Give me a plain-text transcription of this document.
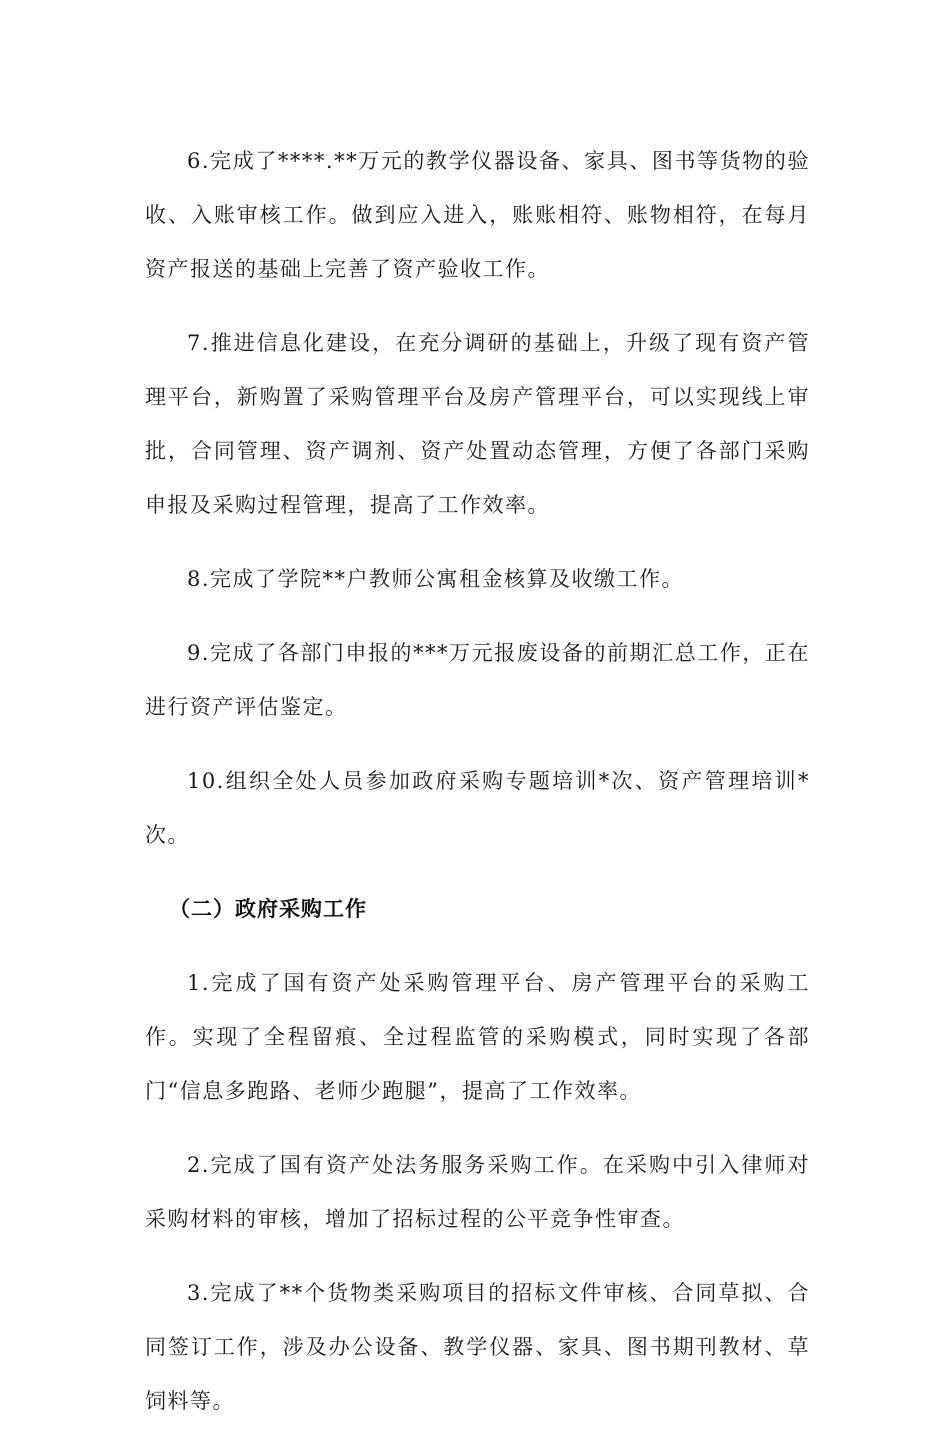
6.完成了****.**万元的教学仪器设备、家具、图书等货物的验收、入账审核工作。做到应入进入，账账相符、账物相符，在每月资产报送的基础上完善了资产验收工作。

7.推进信息化建设，在充分调研的基础上，升级了现有资产管理平台，新购置了采购管理平台及房产管理平台，可以实现线上审批，合同管理、资产调剂、资产处置动态管理，方便了各部门采购申报及采购过程管理，提高了工作效率。

8.完成了学院**户教师公寓租金核算及收缴工作。

9.完成了各部门申报的***万元报废设备的前期汇总工作，正在进行资产评估鉴定。

10.组织全处人员参加政府采购专题培训*次、资产管理培训*次。

（二）政府采购工作

1.完成了国有资产处采购管理平台、房产管理平台的采购工作。实现了全程留痕、全过程监管的采购模式，同时实现了各部门“信息多跑路、老师少跑腿”，提高了工作效率。

2.完成了国有资产处法务服务采购工作。在采购中引入律师对采购材料的审核，增加了招标过程的公平竞争性审查。

3.完成了**个货物类采购项目的招标文件审核、合同草拟、合同签订工作，涉及办公设备、教学仪器、家具、图书期刊教材、草饲料等。
